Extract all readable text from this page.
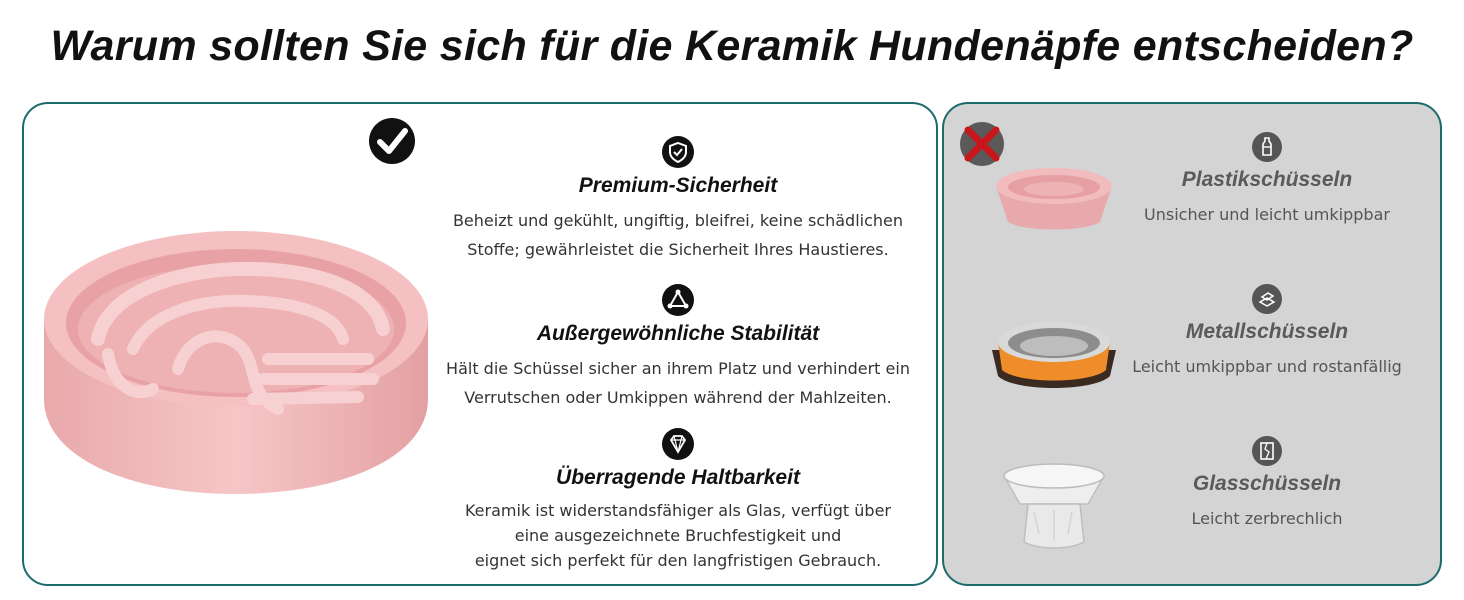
Warum sollten Sie sich für die Keramik Hundenäpfe entscheiden?
Premium-Sicherheit

Beheizt und gekühlt, ungiftig, bleifrei, keine schädlichen
Stoffe; gewährleistet die Sicherheit Ihres Haustieres.

Außergewöhnliche Stabilität

Hält die Schüssel sicher an ihrem Platz und verhindert ein
Verrutschen oder Umkippen während der Mahlzeiten.

Überragende Haltbarkeit

Keramik ist widerstandsfähiger als Glas, verfügt über
eine ausgezeichnete Bruchfestigkeit und
eignet sich perfekt für den langfristigen Gebrauch.

Plastikschüsseln

Unsicher und leicht umkippbar

Metallschüsseln

Leicht umkippbar und rostanfällig

Glasschüsseln

Leicht zerbrechlich
